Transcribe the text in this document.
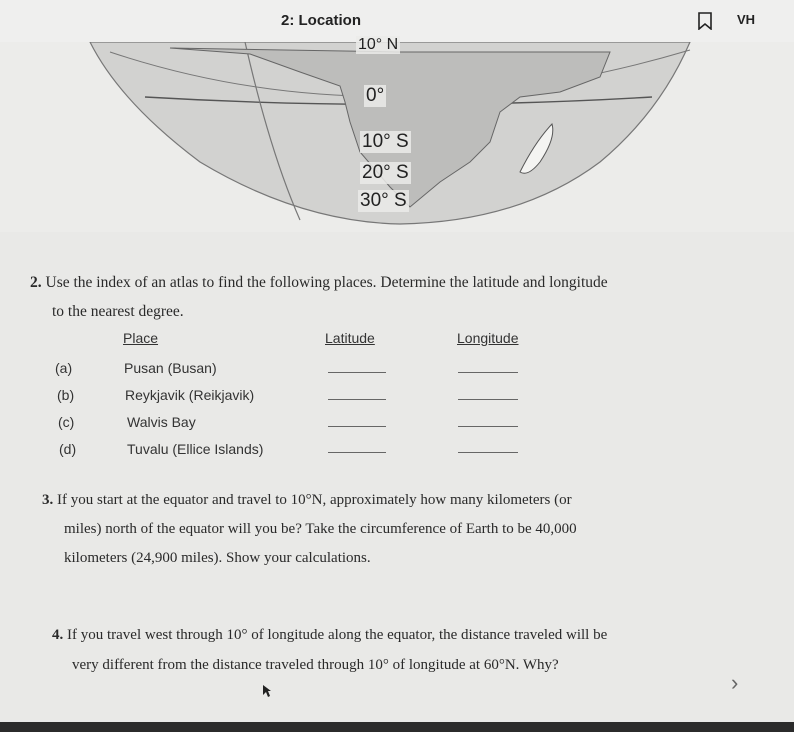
2: Location	VH
10° N
0°
10° S
20° S
30° S
2. Use the index of an atlas to find the following places. Determine the latitude and longitude
to the nearest degree.
Place	Latitude	Longitude
(a)	Pusan (Busan)
(b)	Reykjavik (Reikjavik)
(c)	Walvis Bay
(d)	Tuvalu (Ellice Islands)
3. If you start at the equator and travel to 10°N, approximately how many kilometers (or
miles) north of the equator will you be? Take the circumference of Earth to be 40,000
kilometers (24,900 miles). Show your calculations.
4. If you travel west through 10° of longitude along the equator, the distance traveled will be
very different from the distance traveled through 10° of longitude at 60°N. Why?
›
